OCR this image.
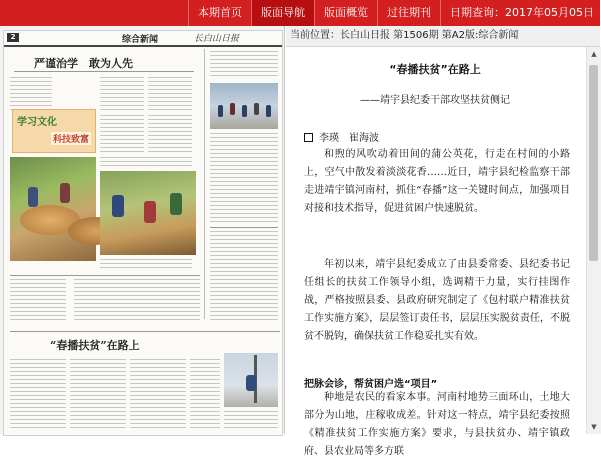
本期首页	版面导航	版面概览	过往期刊	日期查询：2017年05月05日
2	综合新闻	长白山日报
严谨治学　敢为人先
学习文化
科技致富
“春播扶贫”在路上
当前位置：长白山日报 第1506期 第A2版:综合新闻
“春播扶贫”在路上
——靖宇县纪委干部攻坚扶贫侧记
李瑛　崔海波
和煦的风吹动着田间的蒲公英花，行走在村间的小路上，空气中散发着淡淡花香……近日，靖宇县纪检监察干部走进靖宇镇河南村，抓住“春播”这一关键时间点，加强项目对接和技术指导，促进贫困户快速脱贫。
年初以来，靖宇县纪委成立了由县委常委、县纪委书记任组长的扶贫工作领导小组，选调精干力量，实行挂图作战，严格按照县委、县政府研究制定了《包村联户精准扶贫工作实施方案》，层层签订责任书，层层压实脱贫责任，不脱贫不脱钩，确保扶贫工作稳妥扎实有效。
把脉会诊，帮贫困户选“项目”
种地是农民的看家本事。河南村地势三面环山，土地大部分为山地，庄稼收成差。针对这一特点，靖宇县纪委按照《精准扶贫工作实施方案》要求，与县扶贫办、靖宇镇政府、县农业局等多方联
▲
▼
